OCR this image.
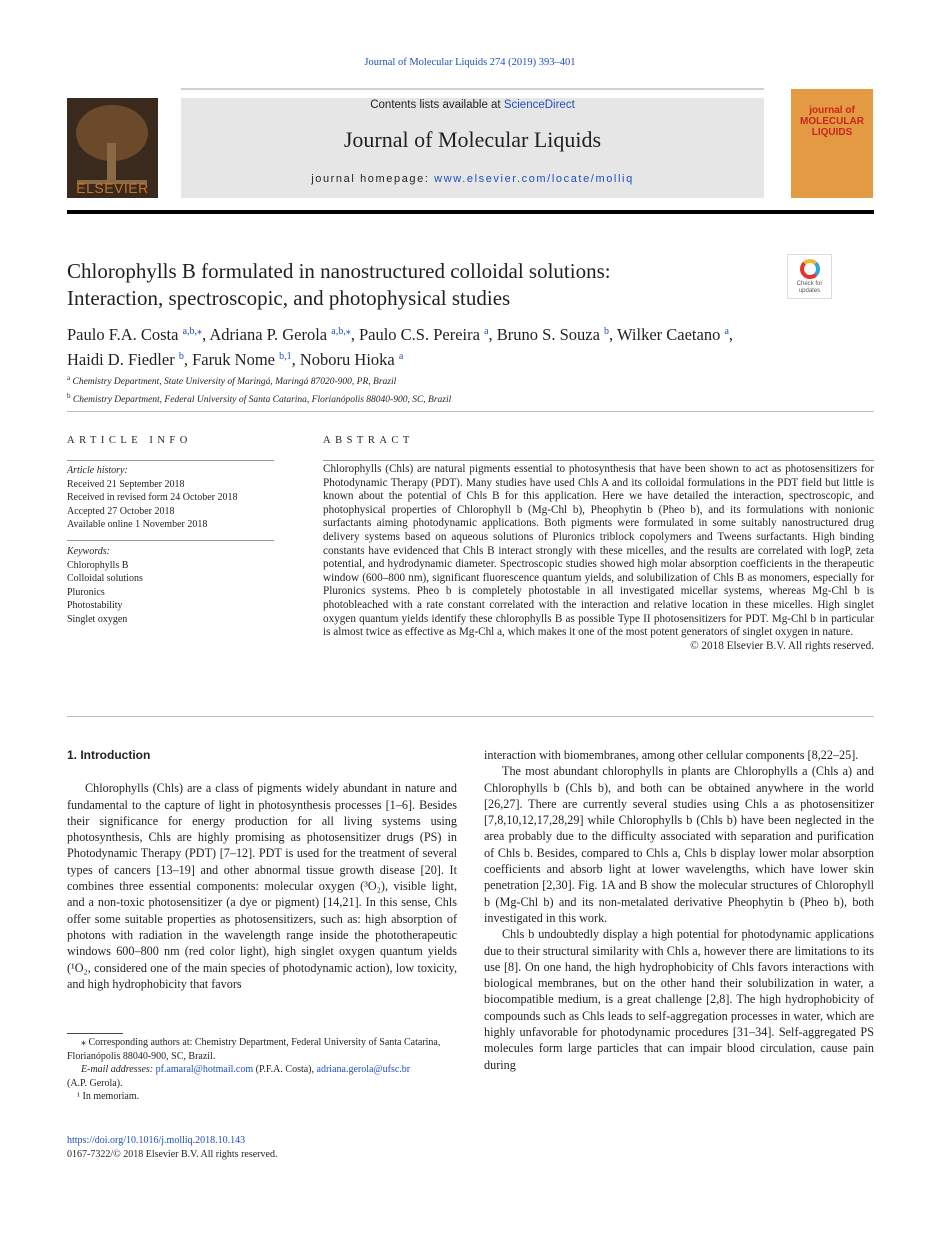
Journal of Molecular Liquids 274 (2019) 393–401
ELSEVIER
Contents lists available at ScienceDirect
Journal of Molecular Liquids
journal homepage: www.elsevier.com/locate/molliq
journal of MOLECULAR LIQUIDS
Chlorophylls B formulated in nanostructured colloidal solutions:
Interaction, spectroscopic, and photophysical studies
Check for updates
Paulo F.A. Costa $^{a,b,⁎}$, Adriana P. Gerola $^{a,b,⁎}$, Paulo C.S. Pereira $^a$, Bruno S. Souza $^b$, Wilker Caetano $^a$,
Haidi D. Fiedler $^b$, Faruk Nome $^{b,1}$, Noboru Hioka $^a$
$^a$ Chemistry Department, State University of Maringá, Maringá 87020-900, PR, Brazil
$^b$ Chemistry Department, Federal University of Santa Catarina, Florianópolis 88040-900, SC, Brazil
ARTICLE INFO
Article history:
Received 21 September 2018
Received in revised form 24 October 2018
Accepted 27 October 2018
Available online 1 November 2018
Keywords:
Chlorophylls B
Colloidal solutions
Pluronics
Photostability
Singlet oxygen
ABSTRACT
Chlorophylls (Chls) are natural pigments essential to photosynthesis that have been shown to act as photosensitizers for Photodynamic Therapy (PDT). Many studies have used Chls A and its colloidal formulations in the PDT field but little is known about the potential of Chls B for this application. Here we have detailed the interaction, spectroscopic, and photophysical properties of Chlorophyll b (Mg-Chl b), Pheophytin b (Pheo b), and its formulations with nonionic surfactants aiming photodynamic applications. Both pigments were formulated in some suitably nanostructured drug delivery systems based on aqueous solutions of Pluronics triblock copolymers and Tweens surfactants. High binding constants have evidenced that Chls B interact strongly with these micelles, and the results are correlated with logP, zeta potential, and hydrodynamic diameter. Spectroscopic studies showed high molar absorption coefficients in the therapeutic window (600–800 nm), significant fluorescence quantum yields, and solubilization of Chls B as monomers, especially for Pluronics systems. Pheo b is completely photostable in all investigated micellar systems, whereas Mg-Chl b is photobleached with a rate constant correlated with the interaction and relative location in these micelles. High singlet oxygen quantum yields identify these chlorophylls B as possible Type II photosensitizers for PDT. Mg-Chl b in particular is almost twice as effective as Mg-Chl a, which makes it one of the most potent generators of singlet oxygen in nature.
© 2018 Elsevier B.V. All rights reserved.
1. Introduction

Chlorophylls (Chls) are a class of pigments widely abundant in nature and fundamental to the capture of light in photosynthesis processes [1–6]. Besides their significance for energy production for all living systems using photosynthesis, Chls are highly promising as photosensitizer drugs (PS) in Photodynamic Therapy (PDT) [7–12]. PDT is used for the treatment of several types of cancers [13–19] and other abnormal tissue growth disease [20]. It combines three essential components: molecular oxygen (³O₂), visible light, and a non-toxic photosensitizer (a dye or pigment) [14,21]. In this sense, Chls offer some suitable properties as photosensitizers, such as: high absorption of photons with radiation in the wavelength range inside the phototherapeutic windows 600–800 nm (red color light), high singlet oxygen quantum yields (¹O₂, considered one of the main species of photodynamic action), low toxicity, and high hydrophobicity that favors

interaction with biomembranes, among other cellular components [8,22–25].

The most abundant chlorophylls in plants are Chlorophylls a (Chls a) and Chlorophylls b (Chls b), and both can be obtained anywhere in the world [26,27]. There are currently several studies using Chls a as photosensitizer [7,8,10,12,17,28,29] while Chlorophylls b (Chls b) have been neglected in the area probably due to the difficulty associated with separation and purification of Chls b. Besides, compared to Chls a, Chls b display lower molar absorption coefficients and absorb light at lower wavelengths, which have lower skin penetration [2,30]. Fig. 1A and B show the molecular structures of Chlorophyll b (Mg-Chl b) and its non-metalated derivative Pheophytin b (Pheo b), both investigated in this work.

Chls b undoubtedly display a high potential for photodynamic applications due to their structural similarity with Chls a, however there are limitations to its use [8]. On one hand, the high hydrophobicity of Chls favors interactions with biological membranes, but on the other hand their solubilization in water, a biocompatible medium, is a great challenge [2,8]. The high hydrophobicity of compounds such as Chls leads to self-aggregation processes in water, which are highly unfavorable for photodynamic procedures [31–34]. Self-aggregated PS molecules form large particles that can impair blood circulation, cause pain during

⁎ Corresponding authors at: Chemistry Department, Federal University of Santa Catarina, Florianópolis 88040-900, SC, Brazil.
E-mail addresses: pf.amaral@hotmail.com (P.F.A. Costa), adriana.gerola@ufsc.br
(A.P. Gerola).
¹ In memoriam.
https://doi.org/10.1016/j.molliq.2018.10.143
0167-7322/© 2018 Elsevier B.V. All rights reserved.
